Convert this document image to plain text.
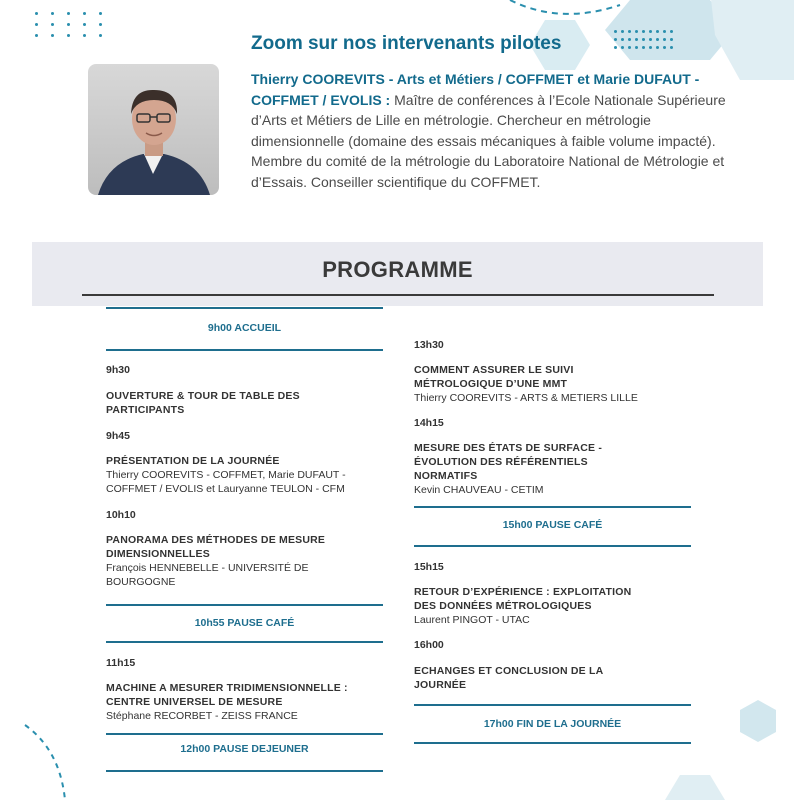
Zoom sur nos intervenants pilotes
Thierry COOREVITS - Arts et Métiers / COFFMET et Marie DUFAUT - COFFMET / EVOLIS : Maître de conférences à l’Ecole Nationale Supérieure d’Arts et Métiers de Lille en métrologie. Chercheur en métrologie dimensionnelle (domaine des essais mécaniques à faible volume impacté). Membre du comité de la métrologie du Laboratoire National de Métrologie et d’Essais. Conseiller scientifique du COFFMET.
PROGRAMME
9h00 ACCUEIL
9h30
OUVERTURE & TOUR DE TABLE DES PARTICIPANTS
9h45
PRÉSENTATION DE LA JOURNÉE
Thierry COOREVITS - COFFMET, Marie DUFAUT - COFFMET / EVOLIS et Lauryanne TEULON - CFM
10h10
PANORAMA DES MÉTHODES DE MESURE DIMENSIONNELLES
François HENNEBELLE - UNIVERSITÉ DE BOURGOGNE
10h55 PAUSE CAFÉ
11h15
MACHINE A MESURER TRIDIMENSIONNELLE : CENTRE UNIVERSEL DE MESURE
Stéphane RECORBET - ZEISS FRANCE
12h00 PAUSE DEJEUNER
13h30
COMMENT ASSURER LE SUIVI MÉTROLOGIQUE D’UNE MMT
Thierry COOREVITS - ARTS & METIERS LILLE
14h15
MESURE DES ÉTATS DE SURFACE - ÉVOLUTION DES RÉFÉRENTIELS NORMATIFS
Kevin CHAUVEAU - CETIM
15h00 PAUSE CAFÉ
15h15
RETOUR D’EXPÉRIENCE : EXPLOITATION DES DONNÉES MÉTROLOGIQUES
Laurent PINGOT - UTAC
16h00
ECHANGES ET CONCLUSION DE LA JOURNÉE
17h00 FIN DE LA JOURNÉE
